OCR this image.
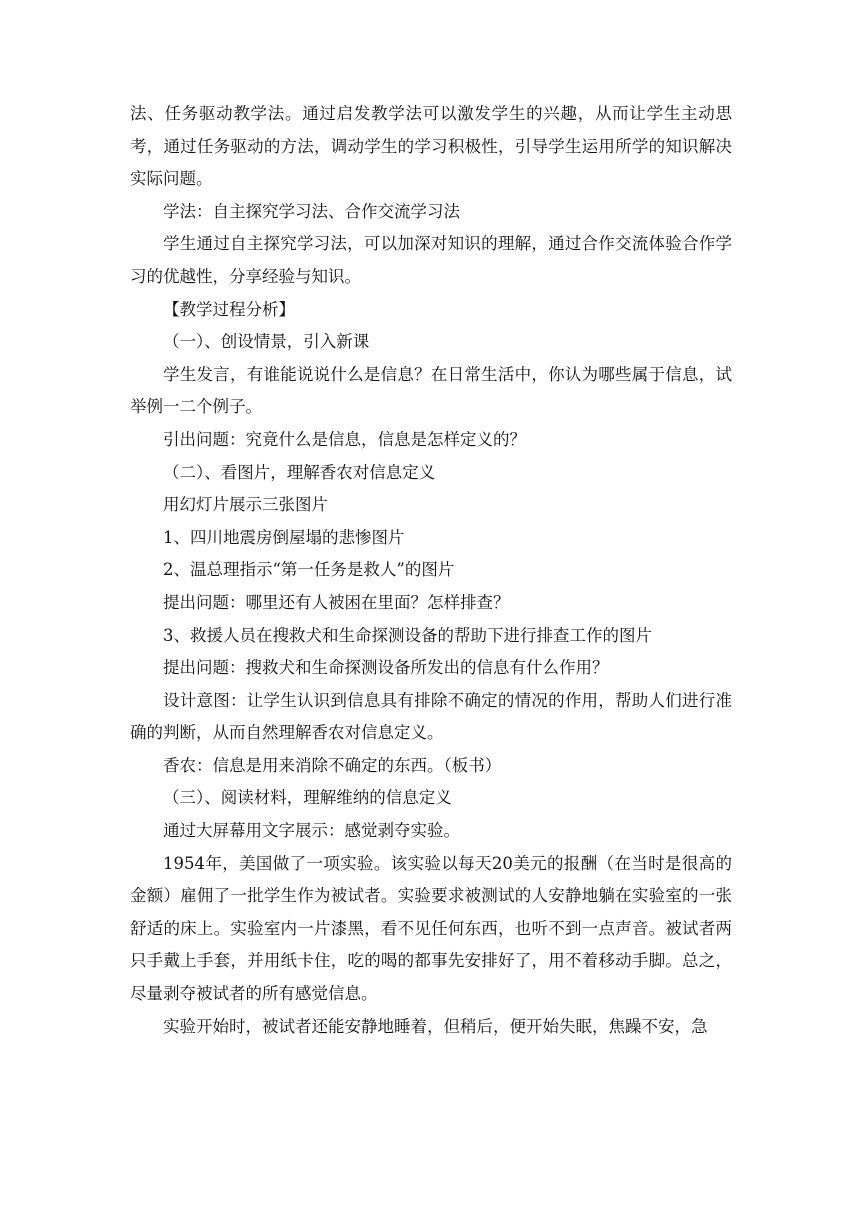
法、任务驱动教学法。通过启发教学法可以激发学生的兴趣，从而让学生主动思考，通过任务驱动的方法，调动学生的学习积极性，引导学生运用所学的知识解决实际问题。

学法：自主探究学习法、合作交流学习法

学生通过自主探究学习法，可以加深对知识的理解，通过合作交流体验合作学习的优越性，分享经验与知识。

【教学过程分析】

（一）、创设情景，引入新课

学生发言，有谁能说说什么是信息？在日常生活中，你认为哪些属于信息，试举例一二个例子。

引出问题：究竟什么是信息，信息是怎样定义的？

（二）、看图片，理解香农对信息定义

用幻灯片展示三张图片

1、四川地震房倒屋塌的悲惨图片

2、温总理指示“第一任务是救人”的图片

提出问题：哪里还有人被困在里面？怎样排查？

3、救援人员在搜救犬和生命探测设备的帮助下进行排查工作的图片

提出问题：搜救犬和生命探测设备所发出的信息有什么作用？

设计意图：让学生认识到信息具有排除不确定的情况的作用，帮助人们进行准确的判断，从而自然理解香农对信息定义。

香农：信息是用来消除不确定的东西。（板书）

（三）、阅读材料，理解维纳的信息定义

通过大屏幕用文字展示：感觉剥夺实验。

1954年，美国做了一项实验。该实验以每天20美元的报酬（在当时是很高的金额）雇佣了一批学生作为被试者。实验要求被测试的人安静地躺在实验室的一张舒适的床上。实验室内一片漆黑，看不见任何东西，也听不到一点声音。被试者两只手戴上手套，并用纸卡住，吃的喝的都事先安排好了，用不着移动手脚。总之，尽量剥夺被试者的所有感觉信息。

实验开始时，被试者还能安静地睡着，但稍后，便开始失眠，焦躁不安，急
